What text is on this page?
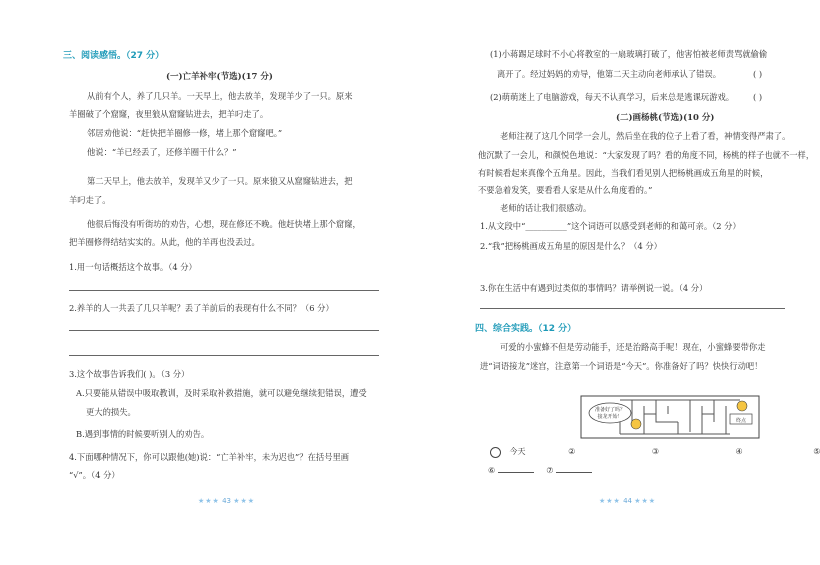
三、阅读感悟。（27 分）
(一)亡羊补牢(节选)(17 分)
从前有个人，养了几只羊。一天早上，他去放羊，发现羊少了一只。原来
羊圈破了个窟窿，夜里狼从窟窿钻进去，把羊叼走了。
邻居劝他说：“赶快把羊圈修一修，堵上那个窟窿吧。”
他说：“羊已经丢了，还修羊圈干什么？”
第二天早上，他去放羊，发现羊又少了一只。原来狼又从窟窿钻进去，把
羊叼走了。
他很后悔没有听街坊的劝告，心想，现在修还不晚。他赶快堵上那个窟窿，
把羊圈修得结结实实的。从此，他的羊再也没丢过。
1.用一句话概括这个故事。（4 分）
2.养羊的人一共丢了几只羊呢？丢了羊前后的表现有什么不同？（6 分）
3.这个故事告诉我们( )。（3 分）
A.只要能从错误中吸取教训，及时采取补救措施，就可以避免继续犯错误，遭受
更大的损失。
B.遇到事情的时候要听别人的劝告。
4.下面哪种情况下，你可以跟他(她)说：“亡羊补牢，未为迟也”？在括号里画
“√”。（4 分）
★★★ 43 ★★★
(1)小蒋踢足球时不小心将教室的一扇玻璃打破了，他害怕被老师责骂就偷偷
离开了。经过妈妈的劝导，他第二天主动向老师承认了错误。	( )
(2)萌萌迷上了电脑游戏，每天不认真学习，后来总是逃课玩游戏。 ( )
(二)画杨桃(节选)(10 分)
老师注视了这几个同学一会儿，然后坐在我的位子上看了看，神情变得严肃了。
他沉默了一会儿，和颜悦色地说：“大家发现了吗？看的角度不同，杨桃的样子也就不一样，
有时候看起来真像个五角星。因此，当我们看见别人把杨桃画成五角星的时候，
不要急着发笑，要看看人家是从什么角度看的。”
老师的话让我们很感动。
1.从文段中“__________”这个词语可以感受到老师的和蔼可亲。（2 分）
2.“我”把杨桃画成五角星的原因是什么？（4 分）
3.你在生活中有遇到过类似的事情吗？请举例说一说。（4 分）
四、综合实践。（12 分）
可爱的小蜜蜂不但是劳动能手，还是治路高手呢！现在，小蜜蜂要带你走
进“词语接龙”迷宫，注意第一个词语是“今天”。你准备好了吗？快快行动吧！
准备好了吗？
接龙开始！
终点
今天	②	③	④	⑤
⑥	⑦
★★★ 44 ★★★
